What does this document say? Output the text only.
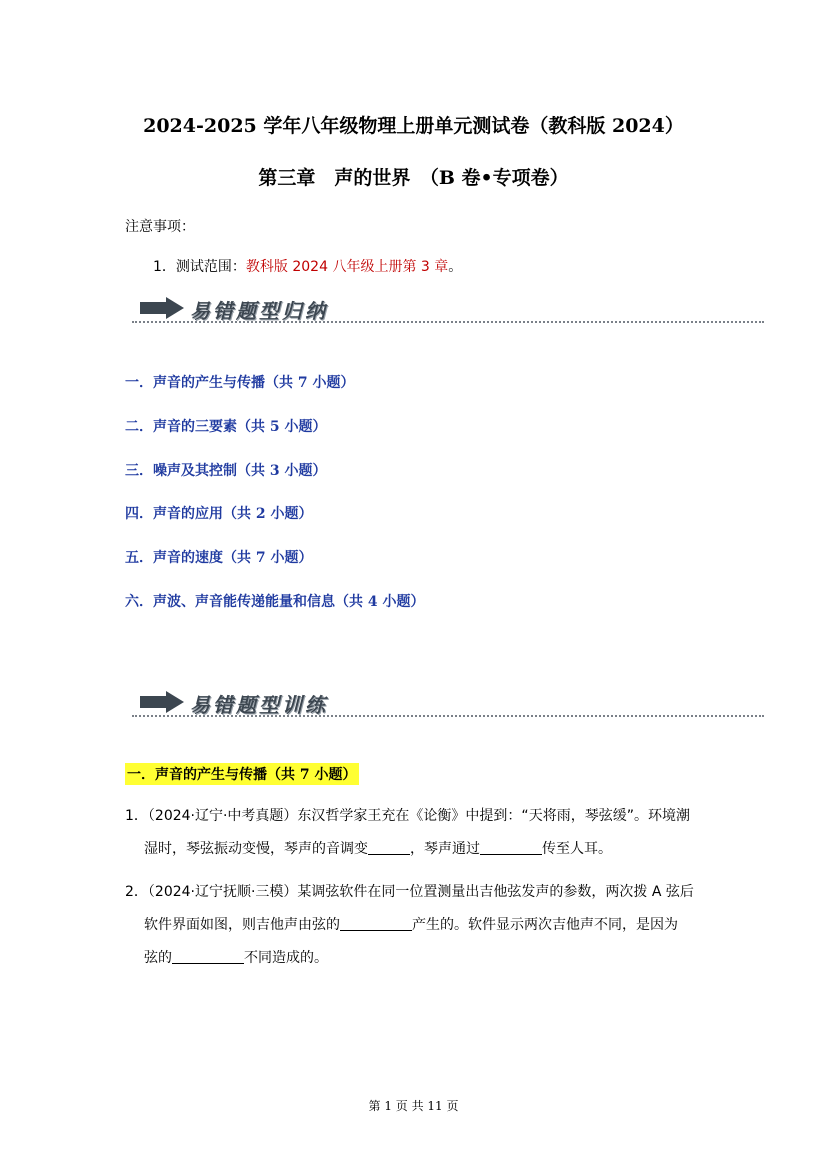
2024-2025 学年八年级物理上册单元测试卷（教科版 2024）
第三章　声的世界　（B 卷•专项卷）
注意事项：
1．测试范围：教科版 2024 八年级上册第 3 章。
易错题型归纳
一．声音的产生与传播（共 7 小题）
二．声音的三要素（共 5 小题）
三．噪声及其控制（共 3 小题）
四．声音的应用（共 2 小题）
五．声音的速度（共 7 小题）
六．声波、声音能传递能量和信息（共 4 小题）
易错题型训练
一．声音的产生与传播（共 7 小题）
1．（2024·辽宁·中考真题）东汉哲学家王充在《论衡》中提到：“天将雨，琴弦缓”。环境潮
湿时，琴弦振动变慢，琴声的音调变	，琴声通过	传至人耳。
2．（2024·辽宁抚顺·三模）某调弦软件在同一位置测量出吉他弦发声的参数，两次拨 A 弦后
软件界面如图，则吉他声由弦的	产生的。软件显示两次吉他声不同，是因为
弦的	不同造成的。
第 1 页 共 11 页
